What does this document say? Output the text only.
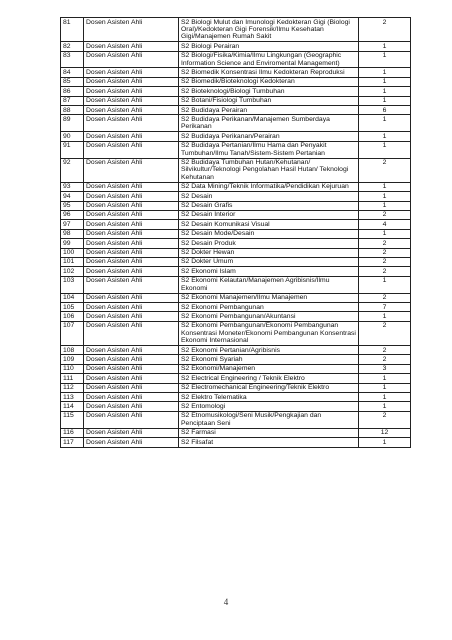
81	Dosen Asisten Ahli	S2 Biologi Mulut dan Imunologi Kedokteran Gigi (Biologi Oral)/Kedokteran Gigi Forensik/Ilmu Kesehatan Gigi/Manajemen Rumah Sakit	2
82	Dosen Asisten Ahli	S2 Biologi Perairan	1
83	Dosen Asisten Ahli	S2 Biologi/Fisika/Kimia/Ilmu Lingkungan (Geographic Information Science and Enviromental Management)	1
84	Dosen Asisten Ahli	S2 Biomedik Konsentrasi Ilmu Kedokteran Reproduksi	1
85	Dosen Asisten Ahli	S2 Biomedik/Bioteknologi Kedokteran	1
86	Dosen Asisten Ahli	S2 Bioteknologi/Biologi Tumbuhan	1
87	Dosen Asisten Ahli	S2 Botani/Fisiologi Tumbuhan	1
88	Dosen Asisten Ahli	S2 Budidaya Perairan	6
89	Dosen Asisten Ahli	S2 Budidaya Perikanan/Manajemen Sumberdaya Perikanan	1
90	Dosen Asisten Ahli	S2 Budidaya Perikanan/Perairan	1
91	Dosen Asisten Ahli	S2 Budidaya Pertanian/Ilmu Hama dan Penyakit Tumbuhan/Ilmu Tanah/Sistem-Sistem Pertanian	1
92	Dosen Asisten Ahli	S2 Budidaya Tumbuhan Hutan/Kehutanan/ Silvikultur/Teknologi Pengolahan Hasil Hutan/ Teknologi Kehutanan	2
93	Dosen Asisten Ahli	S2 Data Mining/Teknik Informatika/Pendidikan Kejuruan	1
94	Dosen Asisten Ahli	S2 Desain	1
95	Dosen Asisten Ahli	S2 Desain Grafis	1
96	Dosen Asisten Ahli	S2 Desain Interior	2
97	Dosen Asisten Ahli	S2 Desain Komunikasi Visual	4
98	Dosen Asisten Ahli	S2 Desain Mode/Desain	1
99	Dosen Asisten Ahli	S2 Desain Produk	2
100	Dosen Asisten Ahli	S2 Dokter Hewan	2
101	Dosen Asisten Ahli	S2 Dokter Umum	2
102	Dosen Asisten Ahli	S2 Ekonomi Islam	2
103	Dosen Asisten Ahli	S2 Ekonomi Kelautan/Manajemen Agribisnis/Ilmu Ekonomi	1
104	Dosen Asisten Ahli	S2 Ekonomi Manajemen/Ilmu Manajemen	2
105	Dosen Asisten Ahli	S2 Ekonomi Pembangunan	7
106	Dosen Asisten Ahli	S2 Ekonomi Pembangunan/Akuntansi	1
107	Dosen Asisten Ahli	S2 Ekonomi Pembangunan/Ekonomi Pembangunan Konsentrasi Moneter/Ekonomi Pembangunan Konsentrasi Ekonomi Internasional	2
108	Dosen Asisten Ahli	S2 Ekonomi Pertanian/Agribisnis	2
109	Dosen Asisten Ahli	S2 Ekonomi Syariah	2
110	Dosen Asisten Ahli	S2 Ekonomi/Manajemen	3
111	Dosen Asisten Ahli	S2 Electrical Engineering / Teknik Elektro	1
112	Dosen Asisten Ahli	S2 Electromechanical Engineering/Teknik Elektro	1
113	Dosen Asisten Ahli	S2 Elektro Telematika	1
114	Dosen Asisten Ahli	S2 Entomologi	1
115	Dosen Asisten Ahli	S2 Etnomusikologi/Seni Musik/Pengkajian dan Penciptaan Seni	2
116	Dosen Asisten Ahli	S2 Farmasi	12
117	Dosen Asisten Ahli	S2 Filsafat	1
4
